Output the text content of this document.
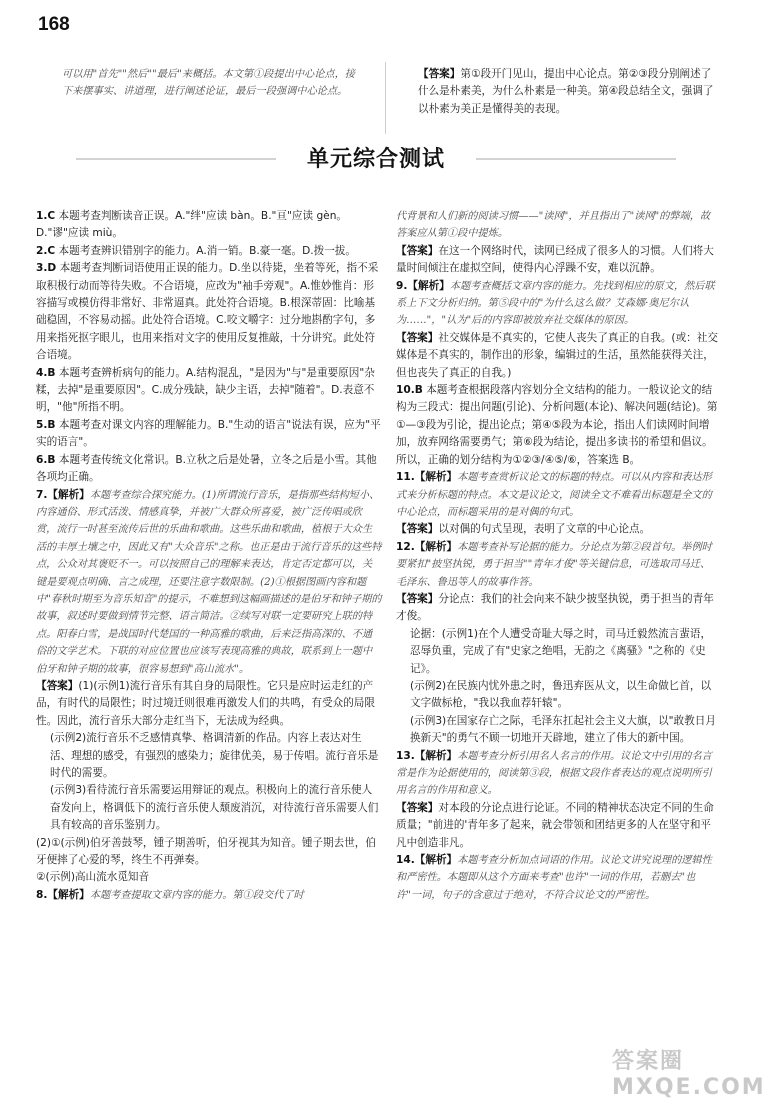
168

可以用"首先""然后""最后"来概括。本文第①段提出中心论点，接下来摆事实、讲道理，进行阐述论证，最后一段强调中心论点。

【答案】第①段开门见山，提出中心论点。第②③段分别阐述了什么是朴素美，为什么朴素是一种美。第④段总结全文，强调了以朴素为美正是懂得美的表现。

单元综合测试

1.C 本题考查判断读音正误。A."绊"应读 bàn。B."亘"应读 gèn。D."谬"应读 miù。

2.C 本题考查辨识错别字的能力。A.消一销。B.豪一毫。D.拨一拔。

3.D 本题考查判断词语使用正误的能力。D.坐以待毙，坐着等死，指不采取积极行动而等待失败。不合语境，应改为"袖手旁观"。A.惟妙惟肖：形容描写或模仿得非常好、非常逼真。此处符合语境。B.根深蒂固：比喻基础稳固，不容易动摇。此处符合语境。C.咬文嚼字：过分地斟酌字句，多用来指死抠字眼儿，也用来指对文字的使用反复推敲，十分讲究。此处符合语境。

4.B 本题考查辨析病句的能力。A.结构混乱，"是因为"与"是重要原因"杂糅，去掉"是重要原因"。C.成分残缺，缺少主语，去掉"随着"。D.表意不明，"他"所指不明。

5.B 本题考查对课文内容的理解能力。B."生动的语言"说法有误，应为"平实的语言"。

6.B 本题考查传统文化常识。B.立秋之后是处暑，立冬之后是小雪。其他各项均正确。

7.【解析】本题考查综合探究能力。(1)所谓流行音乐，是指那些结构短小、内容通俗、形式活泼、情感真挚，并被广大群众所喜爱，被广泛传唱或欣赏，流行一时甚至流传后世的乐曲和歌曲。这些乐曲和歌曲，植根于大众生活的丰厚土壤之中，因此又有"大众音乐"之称。也正是由于流行音乐的这些特点，公众对其褒贬不一。可以按照自己的理解来表达，肯定否定都可以，关键是要观点明确、言之成理，还要注意字数限制。(2)①根据图画内容和题中"春秋时期至为音乐知音"的提示，不难想到这幅画描述的是伯牙和钟子期的故事，叙述时要做到情节完整、语言简洁。②续写对联一定要研究上联的特点。阳春白雪，是战国时代楚国的一种高雅的歌曲，后来泛指高深的、不通俗的文学艺术。下联的对应位置也应该写表现高雅的典故，联系到上一题中伯牙和钟子期的故事，很容易想到"高山流水"。

【答案】(1)(示例1)流行音乐有其自身的局限性。它只是应时运走红的产品，有时代的局限性；时过境迁则很难再激发人们的共鸣，有受众的局限性。因此，流行音乐大部分走红当下，无法成为经典。

(示例2)流行音乐不乏感情真挚、格调清新的作品。内容上表达对生活、理想的感受，有强烈的感染力；旋律优美，易于传唱。流行音乐是时代的需要。

(示例3)看待流行音乐需要运用辩证的观点。积极向上的流行音乐使人奋发向上，格调低下的流行音乐使人颓废消沉，对待流行音乐需要人们具有较高的音乐鉴别力。

(2)①(示例)伯牙善鼓琴，锺子期善听，伯牙视其为知音。锺子期去世，伯牙便摔了心爱的琴，终生不再弹奏。

②(示例)高山流水觅知音

8.【解析】本题考查提取文章内容的能力。第①段交代了时

代背景和人们新的阅读习惯——"读网"，并且指出了"读网"的弊端，故答案应从第①段中提炼。

【答案】在这一个网络时代，读网已经成了很多人的习惯。人们将大量时间倾注在虚拟空间，使得内心浮躁不安，难以沉静。

9.【解析】本题考查概括文章内容的能力。先找到相应的原文，然后联系上下文分析归纳。第⑤段中的"为什么这么做？艾森娜·奥尼尔认为……"，"认为"后的内容即被放弃社交媒体的原因。

【答案】社交媒体是不真实的，它使人丧失了真正的自我。(或：社交媒体是不真实的，制作出的形象，编辑过的生活，虽然能获得关注，但也丧失了真正的自我。)

10.B 本题考查根据段落内容划分全文结构的能力。一般议论文的结构为三段式：提出问题(引论)、分析问题(本论)、解决问题(结论)。第①—③段为引论，提出论点；第④⑤段为本论，指出人们读网时间增加，放弃网络需要勇气；第⑥段为结论，提出多读书的希望和倡议。所以，正确的划分结构为①②③/④⑤/⑥，答案选 B。

11.【解析】本题考查赏析议论文的标题的特点。可以从内容和表达形式来分析标题的特点。本文是议论文，阅读全文不难看出标题是全文的中心论点，而标题采用的是对偶的句式。

【答案】以对偶的句式呈现，表明了文章的中心论点。

12.【解析】本题考查补写论据的能力。分论点为第②段首句。举例时要紧扣"披坚执锐，勇于担当""青年才俊"等关键信息，可选取司马迁、毛泽东、鲁迅等人的故事作答。

【答案】分论点：我们的社会向来不缺少披坚执锐，勇于担当的青年才俊。

论据：(示例1)在个人遭受奇耻大辱之时，司马迁毅然流言蜚语，忍辱负重，完成了有"史家之绝唱，无韵之《离骚》"之称的《史记》。

(示例2)在民族内忧外患之时，鲁迅弃医从文，以生命做匕首，以文字做标枪，"我以我血荐轩辕"。

(示例3)在国家存亡之际，毛泽东扛起社会主义大旗，以"敢教日月换新天"的勇气不顾一切地开天辟地，建立了伟大的新中国。

13.【解析】本题考查分析引用名人名言的作用。议论文中引用的名言常是作为论据使用的，阅读第③段，根据文段作者表达的观点说明所引用名言的作用和意义。

【答案】对本段的分论点进行论证。不同的精神状态决定不同的生命质量；"前进的'青年多了起来，就会带领和团结更多的人在坚守和平凡中创造非凡。

14.【解析】本题考查分析加点词语的作用。议论文讲究说理的逻辑性和严密性。本题即从这个方面来考查"也许"一词的作用，若删去"也许"一词，句子的含意过于绝对，不符合议论文的严密性。

答案圈 MXQE.COM
